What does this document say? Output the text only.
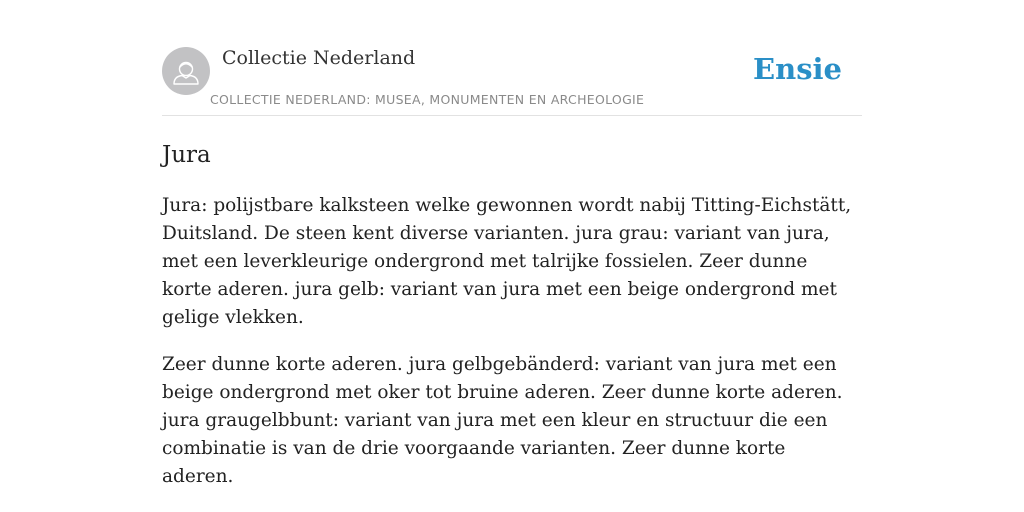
Collectie Nederland
COLLECTIE NEDERLAND: MUSEA, MONUMENTEN EN ARCHEOLOGIE
Ensie
Jura

Jura: polijstbare kalksteen welke gewonnen wordt nabij Titting-Eichstätt, Duitsland. De steen kent diverse varianten. jura grau: variant van jura, met een leverkleurige ondergrond met talrijke fossielen. Zeer dunne korte aderen. jura gelb: variant van jura met een beige ondergrond met gelige vlekken.

Zeer dunne korte aderen. jura gelbgebänderd: variant van jura met een beige ondergrond met oker tot bruine aderen. Zeer dunne korte aderen. jura graugelbbunt: variant van jura met een kleur en structuur die een combinatie is van de drie voorgaande varianten. Zeer dunne korte aderen.
